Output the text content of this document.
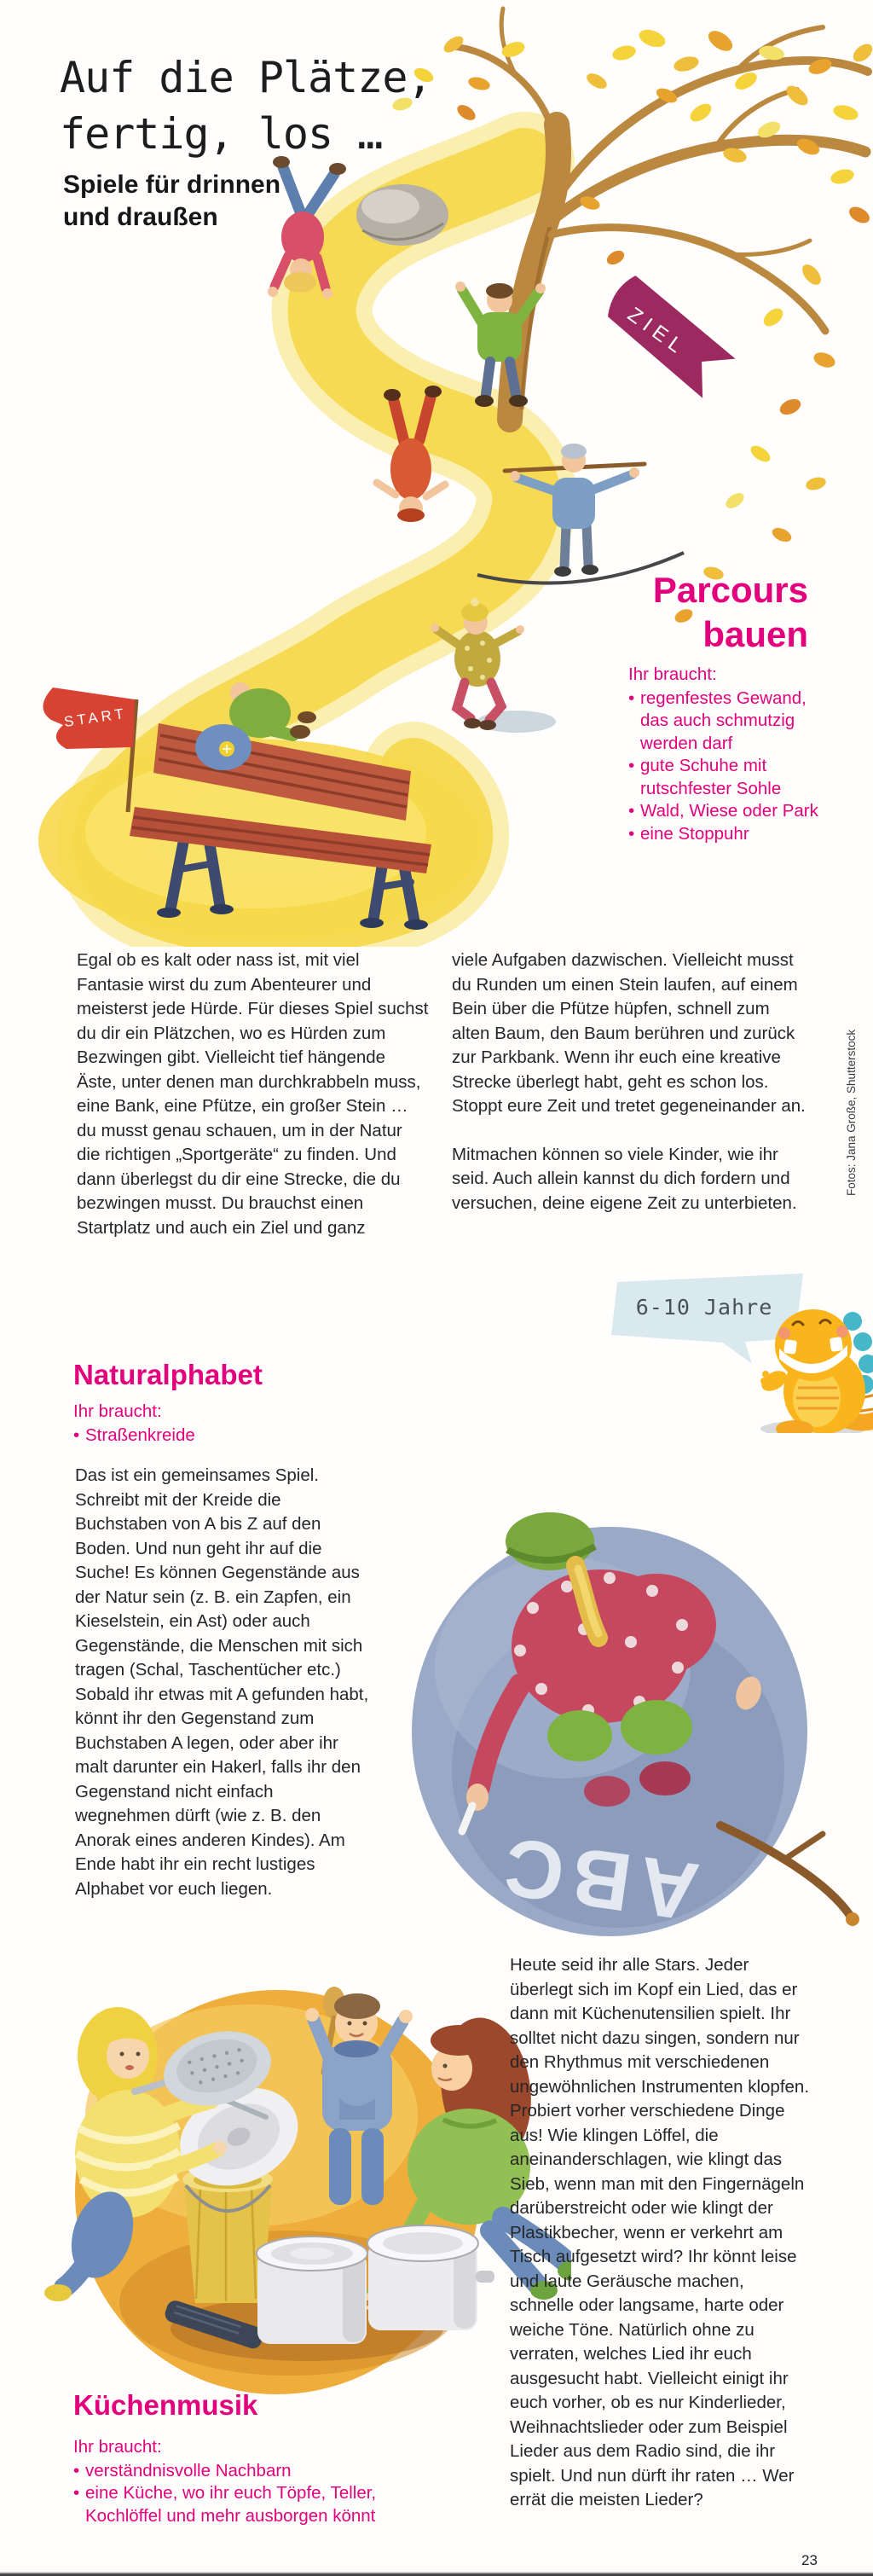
ZIEL
START
Auf die Plätze,
fertig, los …
Spiele für drinnen
und draußen
Parcours
bauen
Ihr braucht:
• regenfestes Gewand, das auch schmutzig werden darf
• gute Schuhe mit rutschfester Sohle
• Wald, Wiese oder Park
• eine Stoppuhr

Egal ob es kalt oder nass ist, mit viel Fantasie wirst du zum Abenteurer und meisterst jede Hürde. Für dieses Spiel suchst du dir ein Plätzchen, wo es Hürden zum Bezwingen gibt. Vielleicht tief hängende Äste, unter denen man durchkrabbeln muss, eine Bank, eine Pfütze, ein großer Stein … du musst genau schauen, um in der Natur die richtigen „Sportgeräte“ zu finden. Und dann überlegst du dir eine Strecke, die du bezwingen musst. Du brauchst einen Startplatz und auch ein Ziel und ganz

viele Aufgaben dazwischen. Vielleicht musst du Runden um einen Stein laufen, auf einem Bein über die Pfütze hüpfen, schnell zum alten Baum, den Baum berühren und zurück zur Parkbank. Wenn ihr euch eine kreative Strecke überlegt habt, geht es schon los. Stoppt eure Zeit und tretet gegeneinander an.

Mitmachen können so viele Kinder, wie ihr seid. Auch allein kannst du dich fordern und versuchen, deine eigene Zeit zu unterbieten.

Fotos: Jana Große, Shutterstock
6-10 Jahre
Naturalphabet
Ihr braucht:
• Straßenkreide

Das ist ein gemeinsames Spiel. Schreibt mit der Kreide die Buchstaben von A bis Z auf den Boden. Und nun geht ihr auf die Suche! Es können Gegenstände aus der Natur sein (z. B. ein Zapfen, ein Kieselstein, ein Ast) oder auch Gegenstände, die Menschen mit sich tragen (Schal, Taschentücher etc.) Sobald ihr etwas mit A gefunden habt, könnt ihr den Gegenstand zum Buchstaben A legen, oder aber ihr malt darunter ein Hakerl, falls ihr den Gegenstand nicht einfach wegnehmen dürft (wie z. B. den Anorak eines anderen Kindes). Am Ende habt ihr ein recht lustiges Alphabet vor euch liegen.	ABC

Heute seid ihr alle Stars. Jeder überlegt sich im Kopf ein Lied, das er dann mit Küchenutensilien spielt. Ihr solltet nicht dazu singen, sondern nur den Rhythmus mit verschiedenen ungewöhnlichen Instrumenten klopfen. Probiert vorher verschiedene Dinge aus! Wie klingen Löffel, die aneinanderschlagen, wie klingt das Sieb, wenn man mit den Fingernägeln darüberstreicht oder wie klingt der Plastikbecher, wenn er verkehrt am Tisch aufgesetzt wird? Ihr könnt leise und laute Geräusche machen, schnelle oder langsame, harte oder weiche Töne. Natürlich ohne zu verraten, welches Lied ihr euch ausgesucht habt. Vielleicht einigt ihr euch vorher, ob es nur Kinderlieder, Weihnachtslieder oder zum Beispiel Lieder aus dem Radio sind, die ihr spielt. Und nun dürft ihr raten … Wer errät die meisten Lieder?

Küchenmusik
Ihr braucht:
• verständnisvolle Nachbarn
• eine Küche, wo ihr euch Töpfe, Teller, Kochlöffel und mehr ausborgen könnt
23
